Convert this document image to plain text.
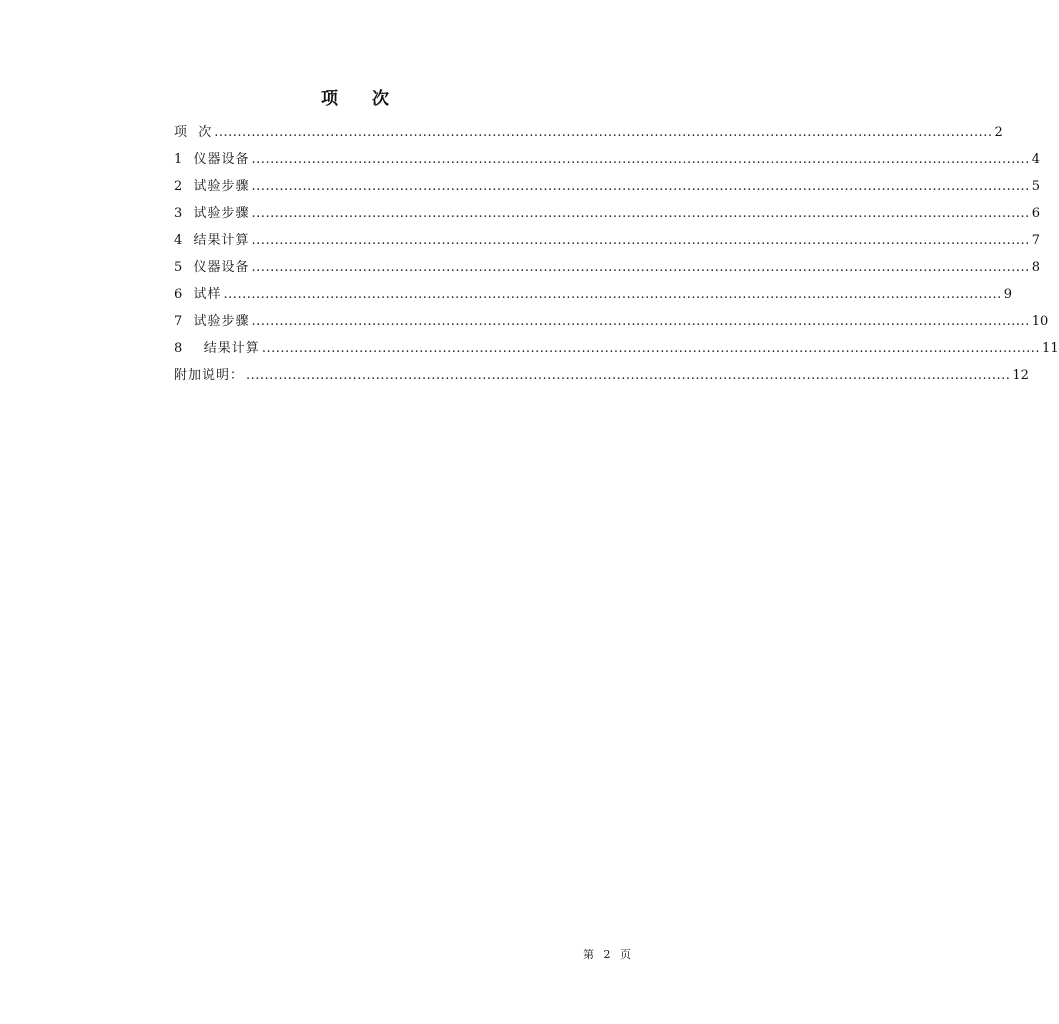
项 次
项  次 ........................................................................................................................................................................ 2
1  仪器设备 ........................................................................................................................................................................ 4
2  试验步骤 ........................................................................................................................................................................ 5
3  试验步骤 ........................................................................................................................................................................ 6
4  结果计算 ........................................................................................................................................................................ 7
5  仪器设备 ........................................................................................................................................................................ 8
6  试样 ........................................................................................................................................................................ 9
7  试验步骤 ........................................................................................................................................................................ 10
8    结果计算 ........................................................................................................................................................................ 11
附加说明： ..................................................................................................................................................................... 12
第 2 页
